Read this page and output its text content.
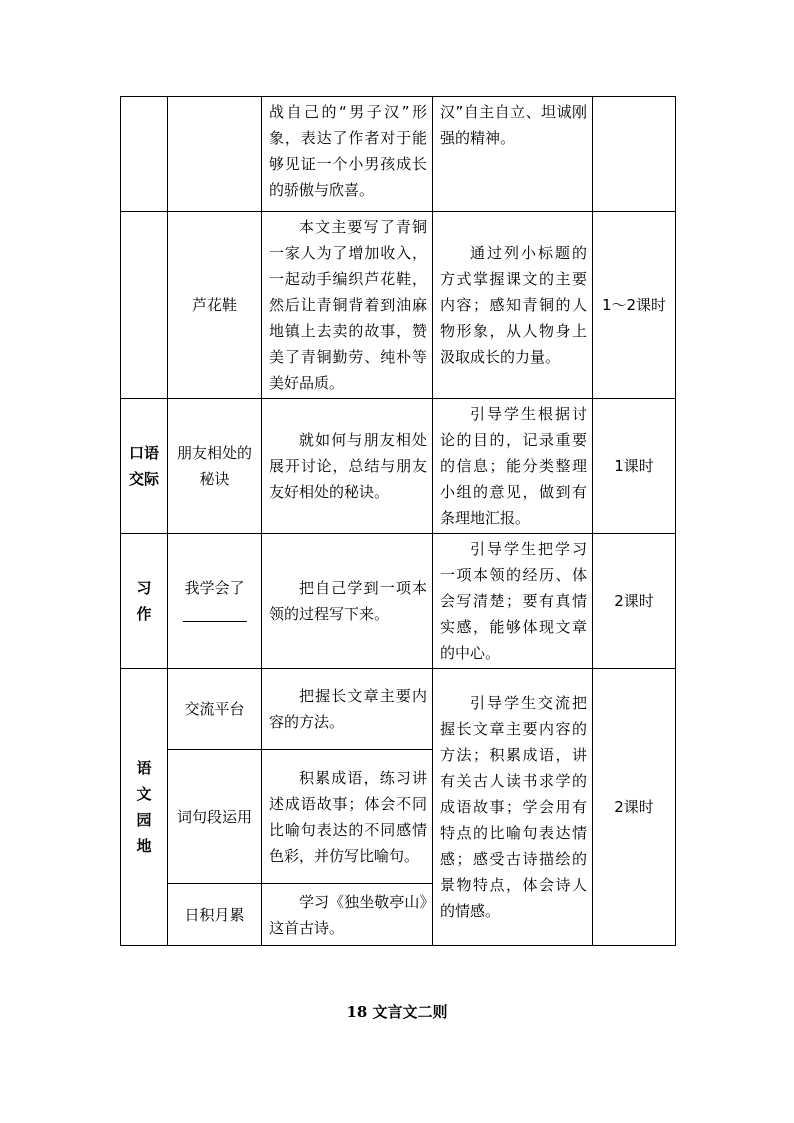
		战自己的“男子汉”形象，表达了作者对于能够见证一个小男孩成长的骄傲与欣喜。	汉”自主自立、坦诚刚强的精神。	
	芦花鞋	本文主要写了青铜一家人为了增加收入，一起动手编织芦花鞋，然后让青铜背着到油麻地镇上去卖的故事，赞美了青铜勤劳、纯朴等美好品质。	通过列小标题的方式掌握课文的主要内容；感知青铜的人物形象，从人物身上汲取成长的力量。	1～2课时
口语交际	朋友相处的秘诀	就如何与朋友相处展开讨论，总结与朋友友好相处的秘诀。	引导学生根据讨论的目的，记录重要的信息；能分类整理小组的意见，做到有条理地汇报。	1课时
习作	我学会了	把自己学到一项本领的过程写下来。	引导学生把学习一项本领的经历、体会写清楚；要有真情实感，能够体现文章的中心。	2课时
语文园地	交流平台	把握长文章主要内容的方法。	引导学生交流把握长文章主要内容的方法；积累成语，讲有关古人读书求学的成语故事；学会用有特点的比喻句表达情感；感受古诗描绘的景物特点，体会诗人的情感。	2课时
	词句段运用	积累成语，练习讲述成语故事；体会不同比喻句表达的不同感情色彩，并仿写比喻句。		
	日积月累	学习《独坐敬亭山》这首古诗。		
18 文言文二则
